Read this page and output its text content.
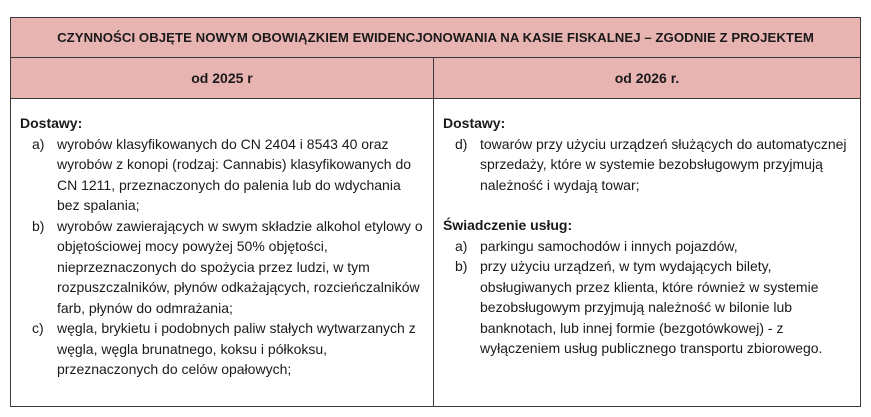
CZYNNOŚCI OBJĘTE NOWYM OBOWIĄZKIEM EWIDENCJONOWANIA NA KASIE FISKALNEJ – ZGODNIE Z PROJEKTEM
od 2025 r	od 2026 r.

Dostawy:

a) wyrobów klasyfikowanych do CN 2404 i 8543 40 oraz wyrobów z konopi (rodzaj: Cannabis) klasyfikowanych do CN 1211, przeznaczonych do palenia lub do wdychania bez spalania;
b) wyrobów zawierających w swym składzie alkohol etylowy o objętościowej mocy powyżej 50% objętości, nieprzeznaczonych do spożycia przez ludzi, w tym rozpuszczalników, płynów odkażających, rozcieńczalników farb, płynów do odmrażania;
c) węgla, brykietu i podobnych paliw stałych wytwarzanych z węgla, węgla brunatnego, koksu i półkoksu, przeznaczonych do celów opałowych;

Dostawy:

d) towarów przy użyciu urządzeń służących do automatycznej sprzedaży, które w systemie bezobsługowym przyjmują należność i wydają towar;

Świadczenie usług:

a) parkingu samochodów i innych pojazdów,
b) przy użyciu urządzeń, w tym wydających bilety, obsługiwanych przez klienta, które również w systemie bezobsługowym przyjmują należność w bilonie lub banknotach, lub innej formie (bezgotówkowej) - z wyłączeniem usług publicznego transportu zbiorowego.
